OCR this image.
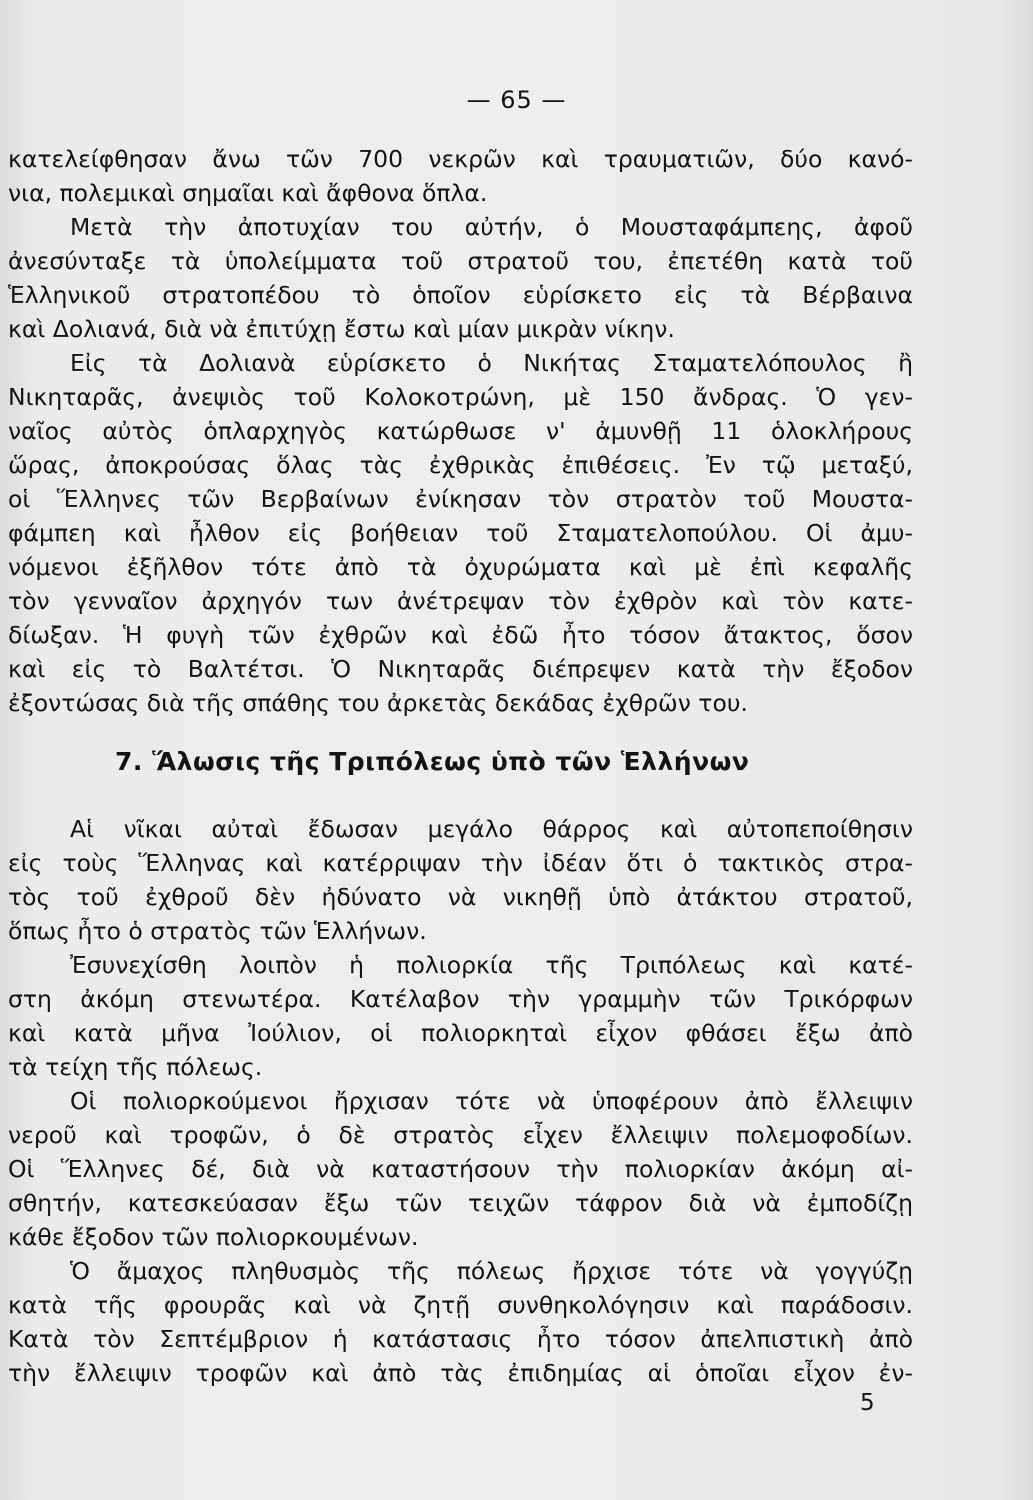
— 65 —
κατελείφθησαν ἄνω τῶν 700 νεκρῶν καὶ τραυματιῶν, δύο κανό-
νια, πολεμικαὶ σημαῖαι καὶ ἄφθονα ὅπλα.
Μετὰ τὴν ἀποτυχίαν του αὐτήν, ὁ Μουσταφάμπεης, ἀφοῦ
ἀνεσύνταξε τὰ ὑπολείμματα τοῦ στρατοῦ του, ἐπετέθη κατὰ τοῦ
Ἑλληνικοῦ στρατοπέδου τὸ ὁποῖον εὑρίσκετο εἰς τὰ Βέρβαινα
καὶ Δολιανά, διὰ νὰ ἐπιτύχῃ ἔστω καὶ μίαν μικρὰν νίκην.
Εἰς τὰ Δολιανὰ εὑρίσκετο ὁ Νικήτας Σταματελόπουλος ἢ
Νικηταρᾶς, ἀνεψιὸς τοῦ Κολοκοτρώνη, μὲ 150 ἄνδρας. Ὁ γεν-
ναῖος αὐτὸς ὁπλαρχηγὸς κατώρθωσε ν' ἀμυνθῇ 11 ὁλοκλήρους
ὥρας, ἀποκρούσας ὅλας τὰς ἐχθρικὰς ἐπιθέσεις. Ἐν τῷ μεταξύ,
οἱ Ἕλληνες τῶν Βερβαίνων ἐνίκησαν τὸν στρατὸν τοῦ Μουστα-
φάμπεη καὶ ἦλθον εἰς βοήθειαν τοῦ Σταματελοπούλου. Οἱ ἀμυ-
νόμενοι ἐξῆλθον τότε ἀπὸ τὰ ὀχυρώματα καὶ μὲ ἐπὶ κεφαλῆς
τὸν γενναῖον ἀρχηγόν των ἀνέτρεψαν τὸν ἐχθρὸν καὶ τὸν κατε-
δίωξαν. Ἡ φυγὴ τῶν ἐχθρῶν καὶ ἐδῶ ἦτο τόσον ἄτακτος, ὅσον
καὶ εἰς τὸ Βαλτέτσι. Ὁ Νικηταρᾶς διέπρεψεν κατὰ τὴν ἔξοδον
ἐξοντώσας διὰ τῆς σπάθης του ἀρκετὰς δεκάδας ἐχθρῶν του.
7. Ἅλωσις τῆς Τριπόλεως ὑπὸ τῶν Ἑλλήνων
Αἱ νῖκαι αὐταὶ ἔδωσαν μεγάλο θάρρος καὶ αὐτοπεποίθησιν
εἰς τοὺς Ἕλληνας καὶ κατέρριψαν τὴν ἰδέαν ὅτι ὁ τακτικὸς στρα-
τὸς τοῦ ἐχθροῦ δὲν ἠδύνατο νὰ νικηθῇ ὑπὸ ἀτάκτου στρατοῦ,
ὅπως ἦτο ὁ στρατὸς τῶν Ἑλλήνων.
Ἐσυνεχίσθη λοιπὸν ἡ πολιορκία τῆς Τριπόλεως καὶ κατέ-
στη ἀκόμη στενωτέρα. Κατέλαβον τὴν γραμμὴν τῶν Τρικόρφων
καὶ κατὰ μῆνα Ἰούλιον, οἱ πολιορκηταὶ εἶχον φθάσει ἔξω ἀπὸ
τὰ τείχη τῆς πόλεως.
Οἱ πολιορκούμενοι ἤρχισαν τότε νὰ ὑποφέρουν ἀπὸ ἔλλειψιν
νεροῦ καὶ τροφῶν, ὁ δὲ στρατὸς εἶχεν ἔλλειψιν πολεμοφοδίων.
Οἱ Ἕλληνες δέ, διὰ νὰ καταστήσουν τὴν πολιορκίαν ἀκόμη αἰ-
σθητήν, κατεσκεύασαν ἔξω τῶν τειχῶν τάφρον διὰ νὰ ἐμποδίζῃ
κάθε ἔξοδον τῶν πολιορκουμένων.
Ὁ ἄμαχος πληθυσμὸς τῆς πόλεως ἤρχισε τότε νὰ γογγύζῃ
κατὰ τῆς φρουρᾶς καὶ νὰ ζητῇ συνθηκολόγησιν καὶ παράδοσιν.
Κατὰ τὸν Σεπτέμβριον ἡ κατάστασις ἦτο τόσον ἀπελπιστικὴ ἀπὸ
τὴν ἔλλειψιν τροφῶν καὶ ἀπὸ τὰς ἐπιδημίας αἱ ὁποῖαι εἶχον ἐν-
5
